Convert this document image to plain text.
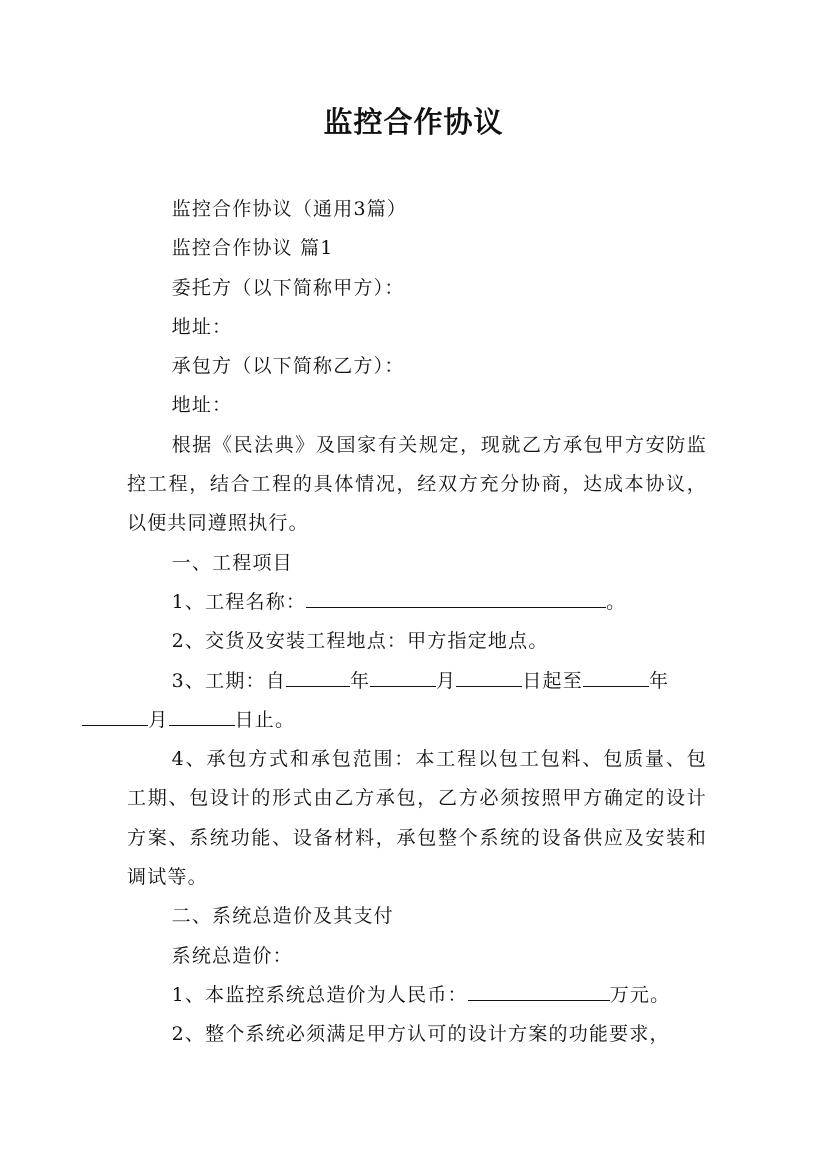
监控合作协议

监控合作协议（通用3篇）

监控合作协议 篇1

委托方（以下简称甲方）：

地址：

承包方（以下简称乙方）：

地址：

根据《民法典》及国家有关规定，现就乙方承包甲方安防监控工程，结合工程的具体情况，经双方充分协商，达成本协议，以便共同遵照执行。

一、工程项目

1、工程名称：	。

2、交货及安装工程地点：甲方指定地点。

3、工期：自	年	月	日起至	年
月	日止。

4、承包方式和承包范围：本工程以包工包料、包质量、包工期、包设计的形式由乙方承包，乙方必须按照甲方确定的设计方案、系统功能、设备材料，承包整个系统的设备供应及安装和调试等。

二、系统总造价及其支付

系统总造价：

1、本监控系统总造价为人民币：	万元。

2、整个系统必须满足甲方认可的设计方案的功能要求，
